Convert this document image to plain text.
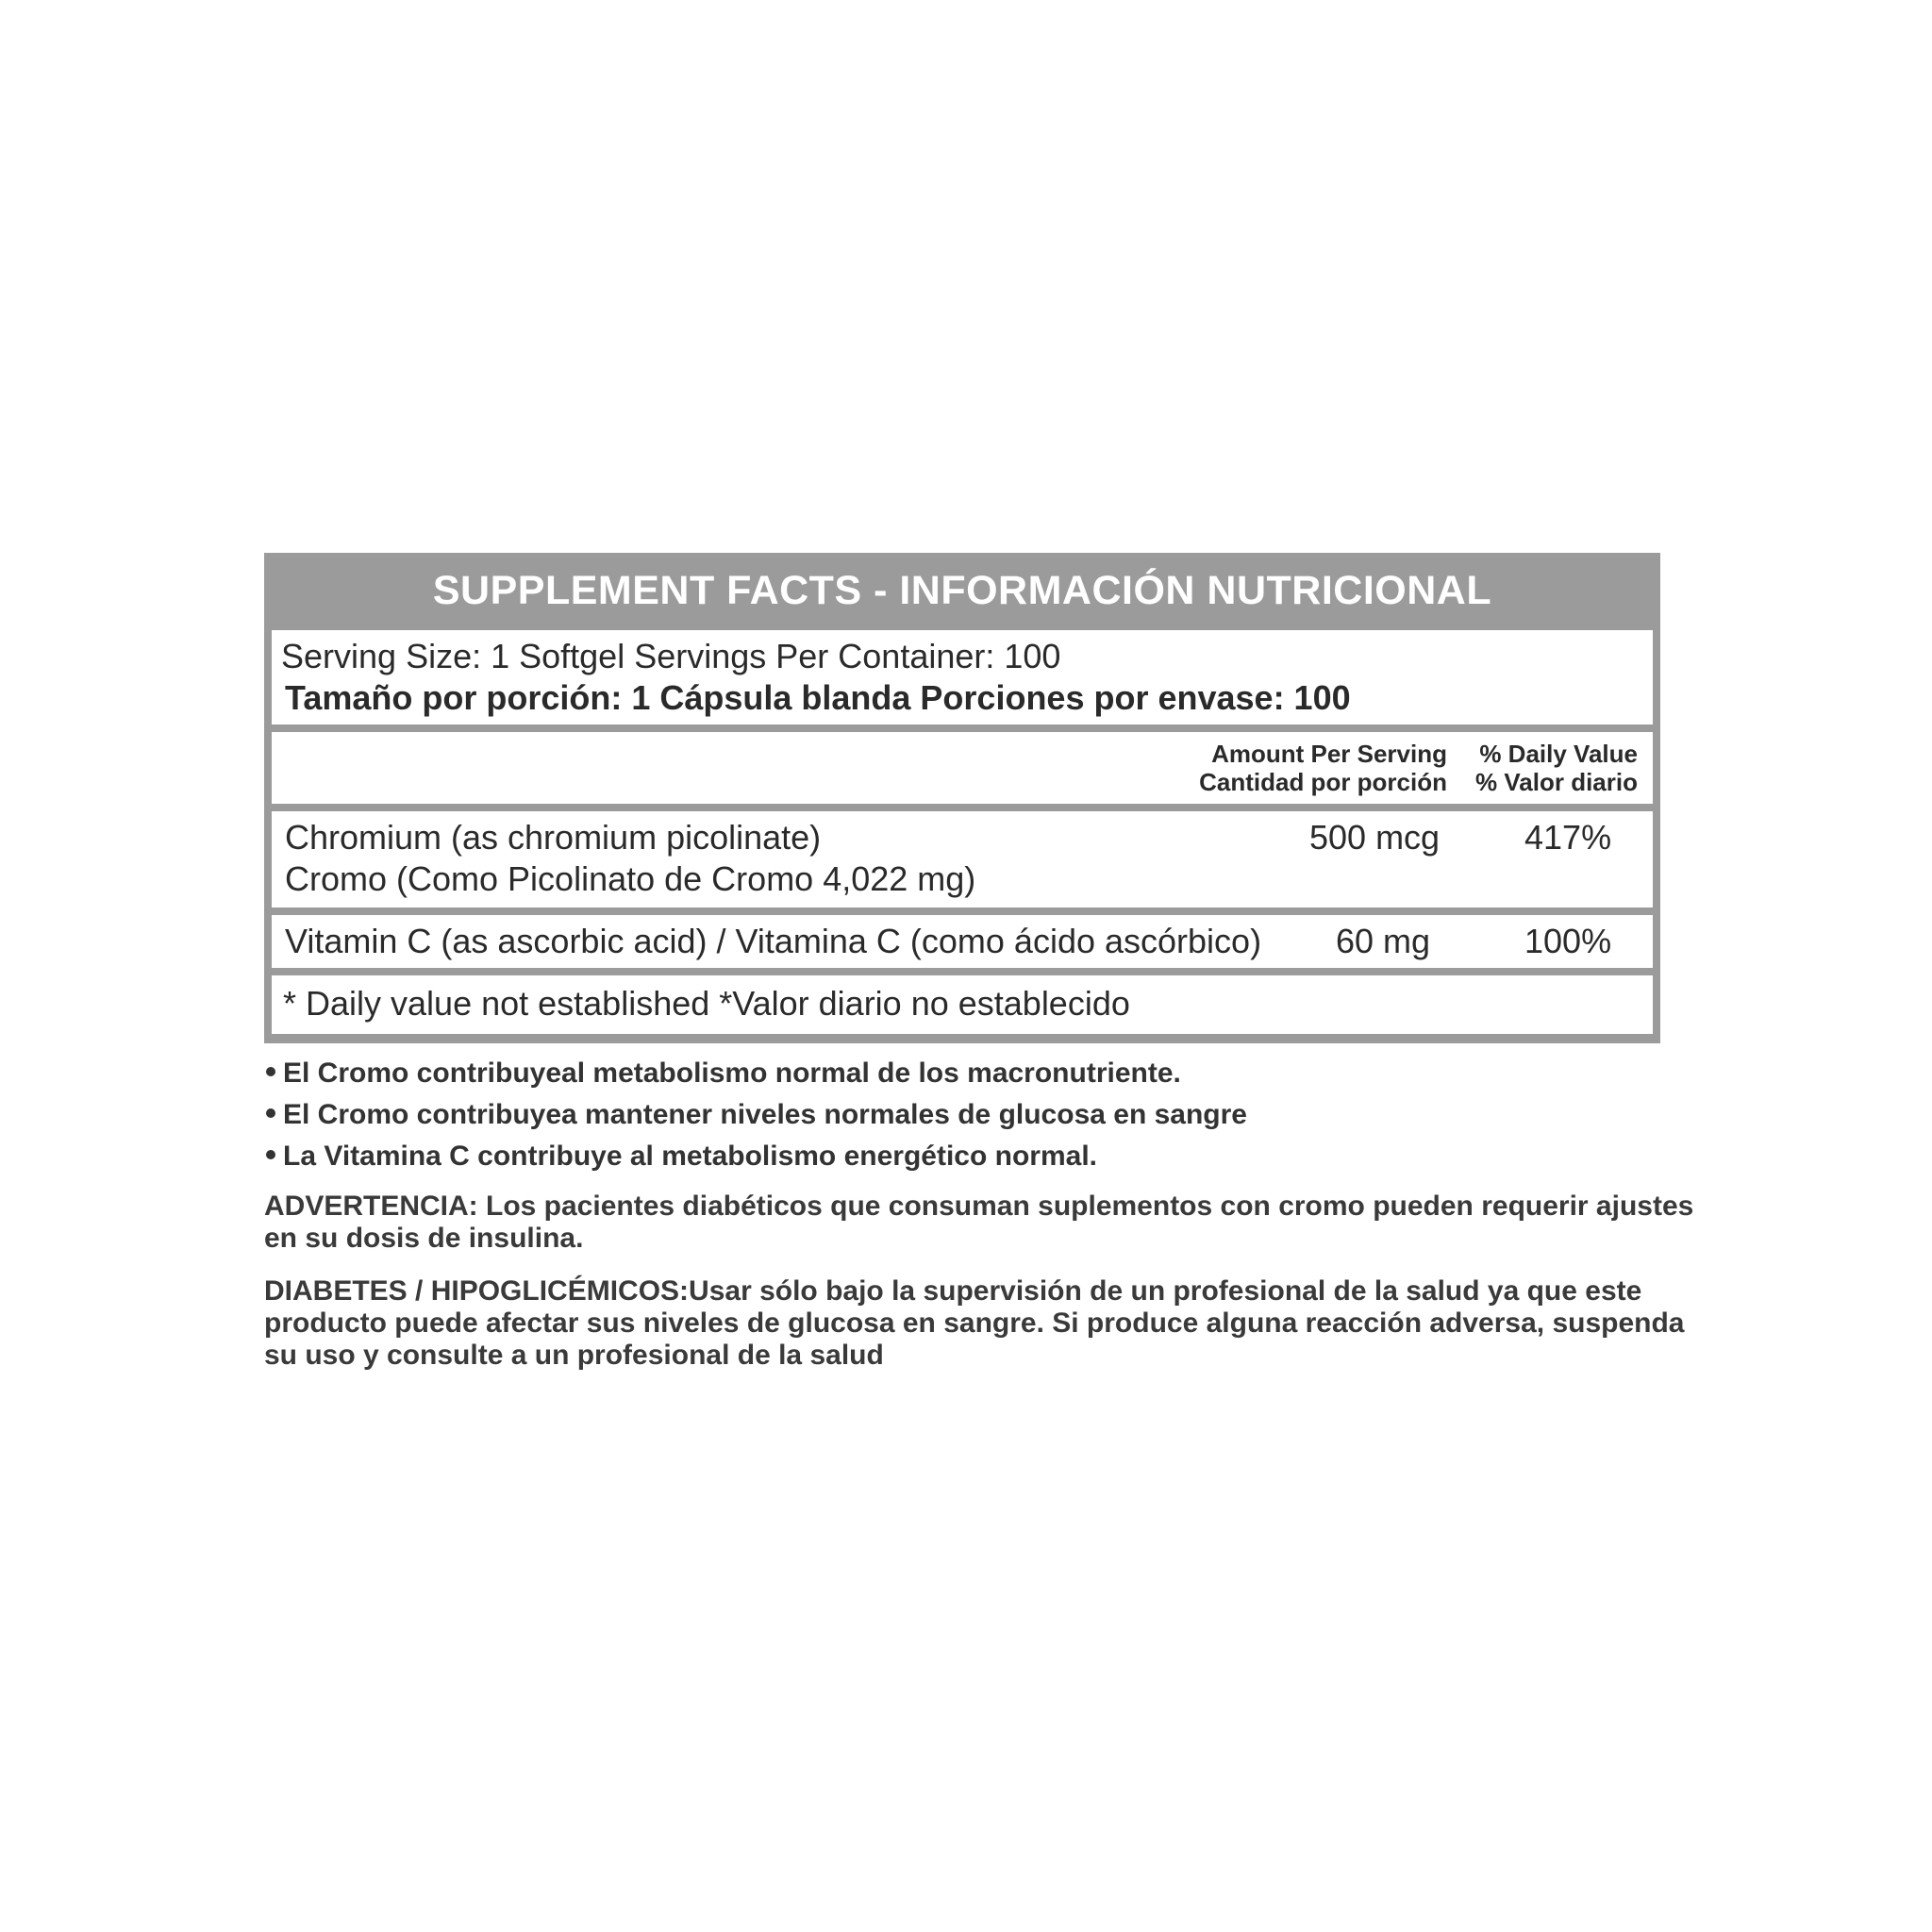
SUPPLEMENT FACTS - INFORMACIÓN NUTRICIONAL
Serving Size: 1 Softgel Servings Per Container: 100
Tamaño por porción: 1 Cápsula blanda Porciones por envase: 100
Amount Per Serving
Cantidad por porción
% Daily Value
% Valor diario
Chromium (as chromium picolinate)
Cromo (Como Picolinato de Cromo 4,022 mg)
500 mcg 417%
Vitamin C (as ascorbic acid) / Vitamina C (como ácido ascórbico) 60 mg	100%
* Daily value not established *Valor diario no establecido
El Cromo contribuyeal metabolismo normal de los macronutriente.
El Cromo contribuyea mantener niveles normales de glucosa en sangre
La Vitamina C contribuye al metabolismo energético normal.
ADVERTENCIA: Los pacientes diabéticos que consuman suplementos con cromo pueden requerir ajustes en su dosis de insulina.
DIABETES / HIPOGLICÉMICOS:Usar sólo bajo la supervisión de un profesional de la salud ya que este producto puede afectar sus niveles de glucosa en sangre. Si produce alguna reacción adversa, suspenda su uso y consulte a un profesional de la salud
